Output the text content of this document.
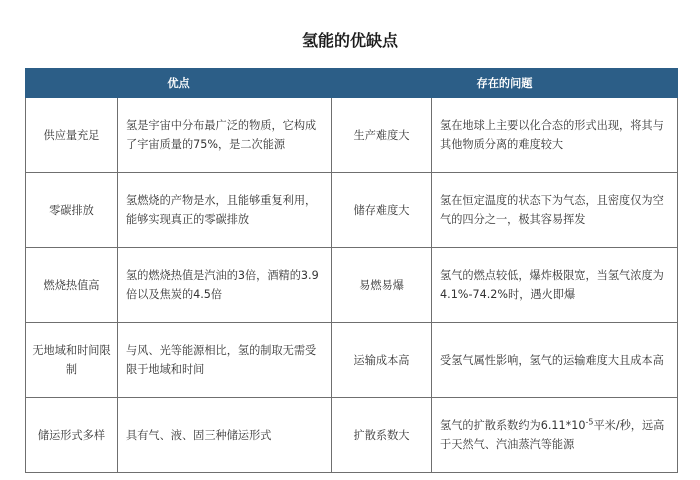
氢能的优缺点
优点		存在的问题	
供应量充足	氢是宇宙中分布最广泛的物质，它构成了宇宙质量的75%，是二次能源	生产难度大	氢在地球上主要以化合态的形式出现，将其与其他物质分离的难度较大
零碳排放	氢燃烧的产物是水，且能够重复利用，能够实现真正的零碳排放	储存难度大	氢在恒定温度的状态下为气态，且密度仅为空气的四分之一，极其容易挥发
燃烧热值高	氢的燃烧热值是汽油的3倍，酒精的3.9倍以及焦炭的4.5倍	易燃易爆	氢气的燃点较低，爆炸极限宽，当氢气浓度为4.1%-74.2%时，遇火即爆
无地域和时间限制	与风、光等能源相比，氢的制取无需受限于地域和时间	运输成本高	受氢气属性影响，氢气的运输难度大且成本高
储运形式多样	具有气、液、固三种储运形式	扩散系数大	氢气的扩散系数约为$6.11*10^{-5}$平米/秒，远高于天然气、汽油蒸汽等能源
